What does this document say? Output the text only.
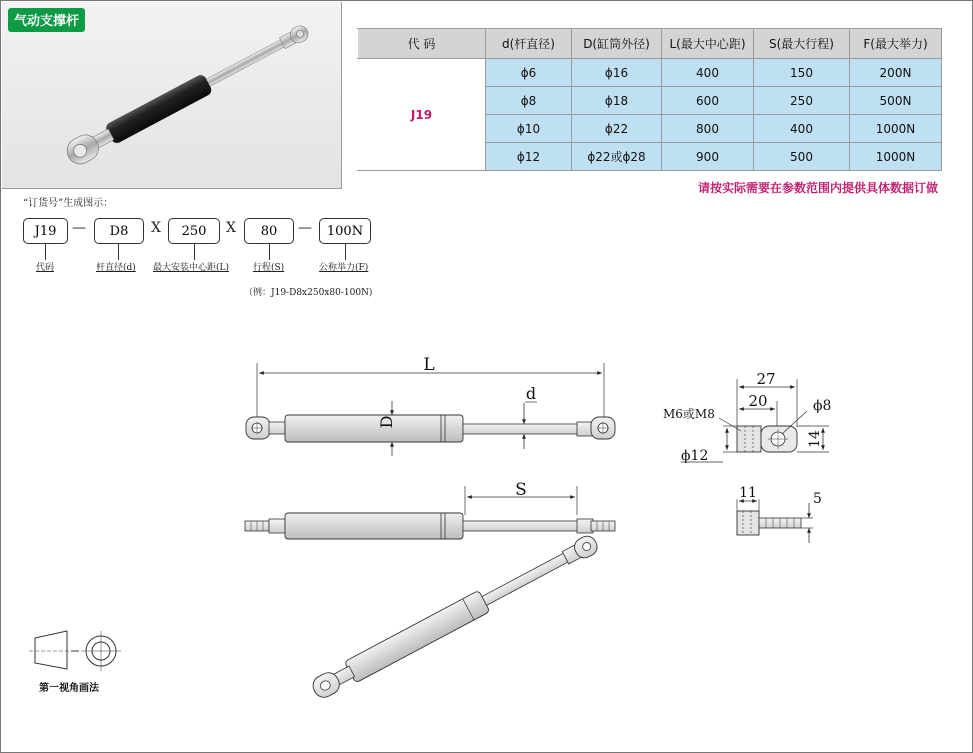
气动支撑杆
代 码	d(杆直径)	D(缸筒外径)	L(最大中心距)	S(最大行程)	F(最大举力)
J19	ϕ6	ϕ16	400	150	200N
	ϕ8	ϕ18	600	250	500N
	ϕ10	ϕ22	800	400	1000N
	ϕ12	ϕ22或ϕ28	900	500	1000N
请按实际需要在参数范围内提供具体数据订做
“订货号”生成图示：
J19	—	D8	X	250	X	80	—	100N
代码	杆直径(d) 最大安装中心距(L)	行程(S)	公称举力(F)
（例：J19-D8x250x80-100N)
L
D
d
S
27
20
14
ϕ8
M6或M8
ϕ12
11	5
第一视角画法
